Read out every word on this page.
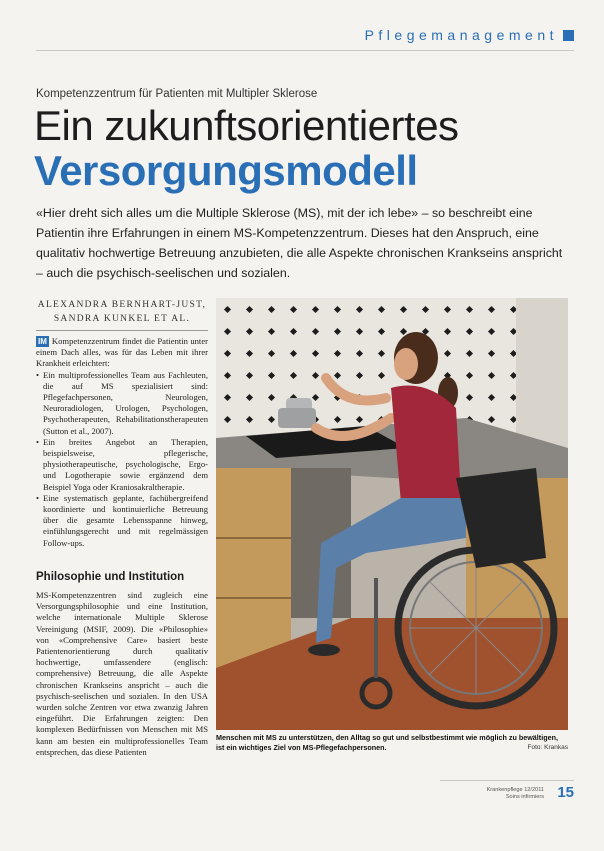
Pflegemanagement
Kompetenzzentrum für Patienten mit Multipler Sklerose
Ein zukunftsorientiertes
Versorgungsmodell
«Hier dreht sich alles um die Multiple Sklerose (MS), mit der ich lebe» – so beschreibt eine Patientin ihre Erfahrungen in einem MS-Kompetenzzentrum. Dieses hat den Anspruch, eine qualitativ hochwertige Betreuung anzubieten, die alle Aspekte chronischen Krankseins anspricht – auch die psychisch-seelischen und sozialen.
ALEXANDRA BERNHART-JUST,
SANDRA KUNKEL ET AL.
IM Kompetenzzentrum findet die Patientin unter einem Dach alles, was für das Leben mit ihrer Krankheit erleichtert:
• Ein multiprofessionelles Team aus Fachleuten, die auf MS spezialisiert sind: Pflegefachpersonen, Neurologen, Neuroradiologen, Urologen, Psychologen, Psychotherapeuten, Rehabilitationstherapeuten (Sutton et al., 2007).
• Ein breites Angebot an Therapien, beispielsweise, pflegerische, physiotherapeutische, psychologische, Ergo- und Logotherapie sowie ergänzend dem Beispiel Yoga oder Kraniosakraltherapie.
• Eine systematisch geplante, fachübergreifend koordinierte und kontinuierliche Betreuung über die gesamte Lebensspanne hinweg, einfühlungsgerecht und mit regelmässigen Follow-ups.
Philosophie und Institution
MS-Kompetenzzentren sind zugleich eine Versorgungsphilosophie und eine Institution, welche internationale Multiple Sklerose Vereinigung (MSIF, 2009). Die «Philosophie» von «Comprehensive Care» basiert beste Patientenorientierung durch qualitativ hochwertige, umfassendere (englisch: comprehensive) Betreuung, die alle Aspekte chronischen Krankseins anspricht – auch die psychisch-seelischen und sozialen. In den USA wurden solche Zentren vor etwa zwanzig Jahren eingeführt. Die Erfahrungen zeigten: Den komplexen Bedürfnissen von Menschen mit MS kann am besten ein multiprofessionelles Team entsprechen, das diese Patienten
Menschen mit MS zu unterstützen, den Alltag so gut und selbstbestimmt wie möglich zu bewältigen, ist ein wichtiges Ziel von MS-Pflegefachpersonen.	Foto: Krankas
Krankenpflege 12/2011
Soins infirmiers 15
